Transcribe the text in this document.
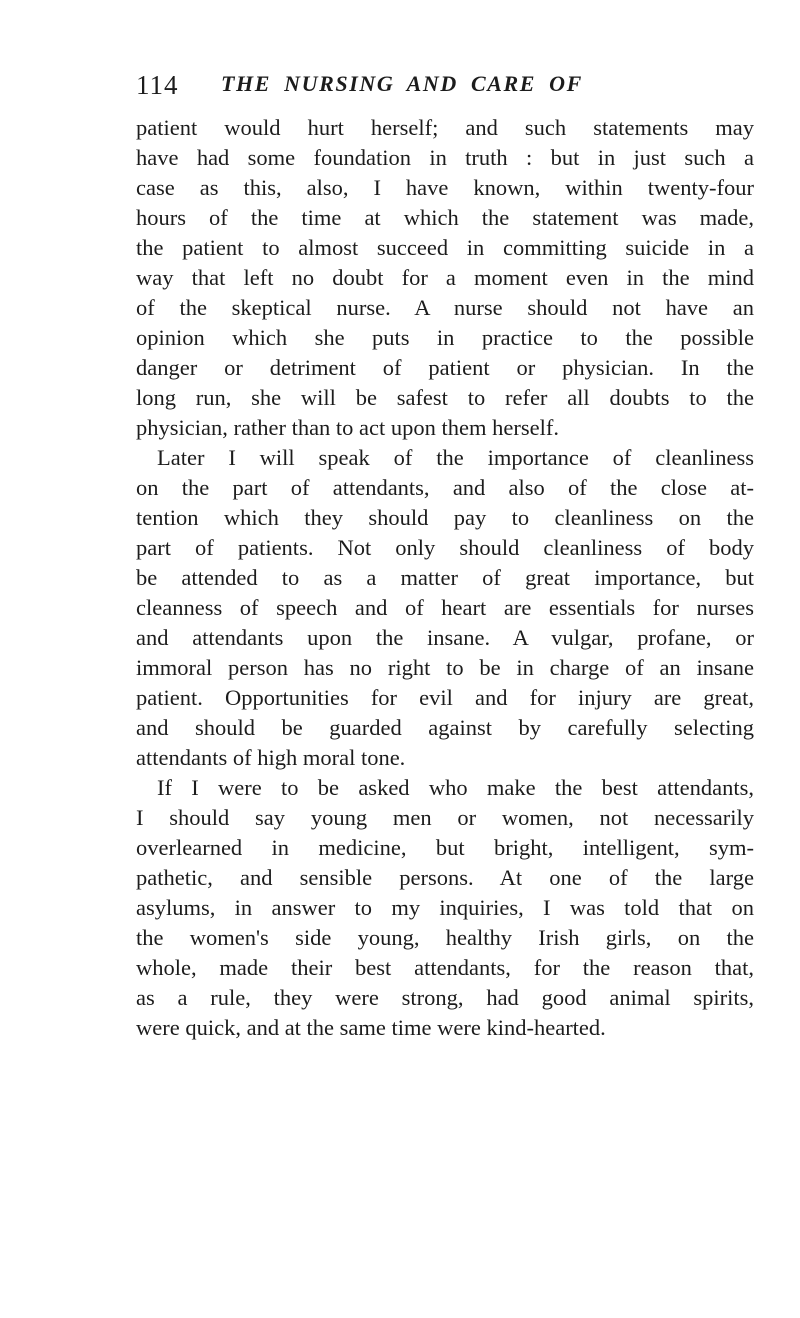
114 THE NURSING AND CARE OF
patient would hurt herself; and such statements may
have had some foundation in truth : but in just such a
case as this, also, I have known, within twenty-four
hours of the time at which the statement was made,
the patient to almost succeed in committing suicide in a
way that left no doubt for a moment even in the mind
of the skeptical nurse. A nurse should not have an
opinion which she puts in practice to the possible
danger or detriment of patient or physician. In the
long run, she will be safest to refer all doubts to the
physician, rather than to act upon them herself.
Later I will speak of the importance of cleanliness
on the part of attendants, and also of the close at-
tention which they should pay to cleanliness on the
part of patients. Not only should cleanliness of body
be attended to as a matter of great importance, but
cleanness of speech and of heart are essentials for nurses
and attendants upon the insane. A vulgar, profane, or
immoral person has no right to be in charge of an insane
patient. Opportunities for evil and for injury are great,
and should be guarded against by carefully selecting
attendants of high moral tone.
If I were to be asked who make the best attendants,
I should say young men or women, not necessarily
overlearned in medicine, but bright, intelligent, sym-
pathetic, and sensible persons. At one of the large
asylums, in answer to my inquiries, I was told that on
the women's side young, healthy Irish girls, on the
whole, made their best attendants, for the reason that,
as a rule, they were strong, had good animal spirits,
were quick, and at the same time were kind-hearted.
